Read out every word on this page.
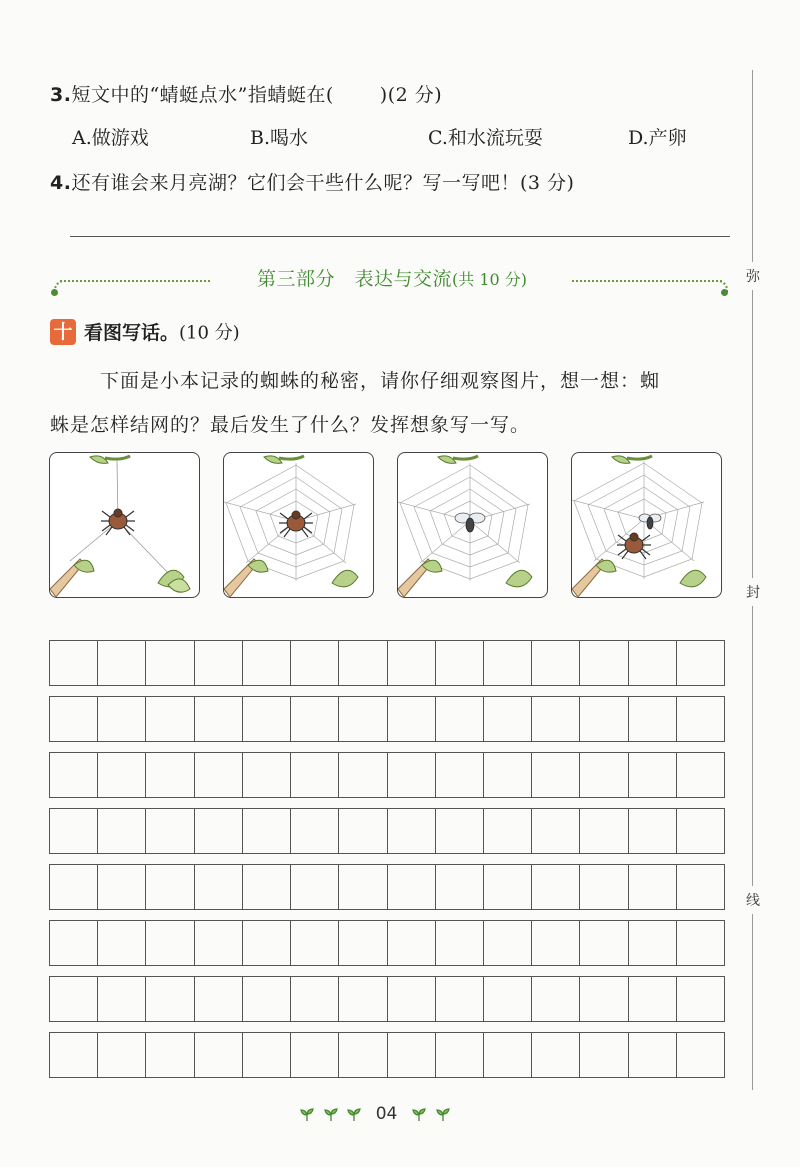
弥
封
线
3.短文中的“蜻蜓点水”指蜻蜓在( )(2 分)
A.做游戏	B.喝水	C.和水流玩耍	D.产卵
4.还有谁会来月亮湖？它们会干些什么呢？写一写吧！(3 分)
第三部分　表达与交流(共 10 分)
十 看图写话。(10 分)
下面是小本记录的蜘蛛的秘密，请你仔细观察图片，想一想：蜘
蛛是怎样结网的？最后发生了什么？发挥想象写一写。
04
